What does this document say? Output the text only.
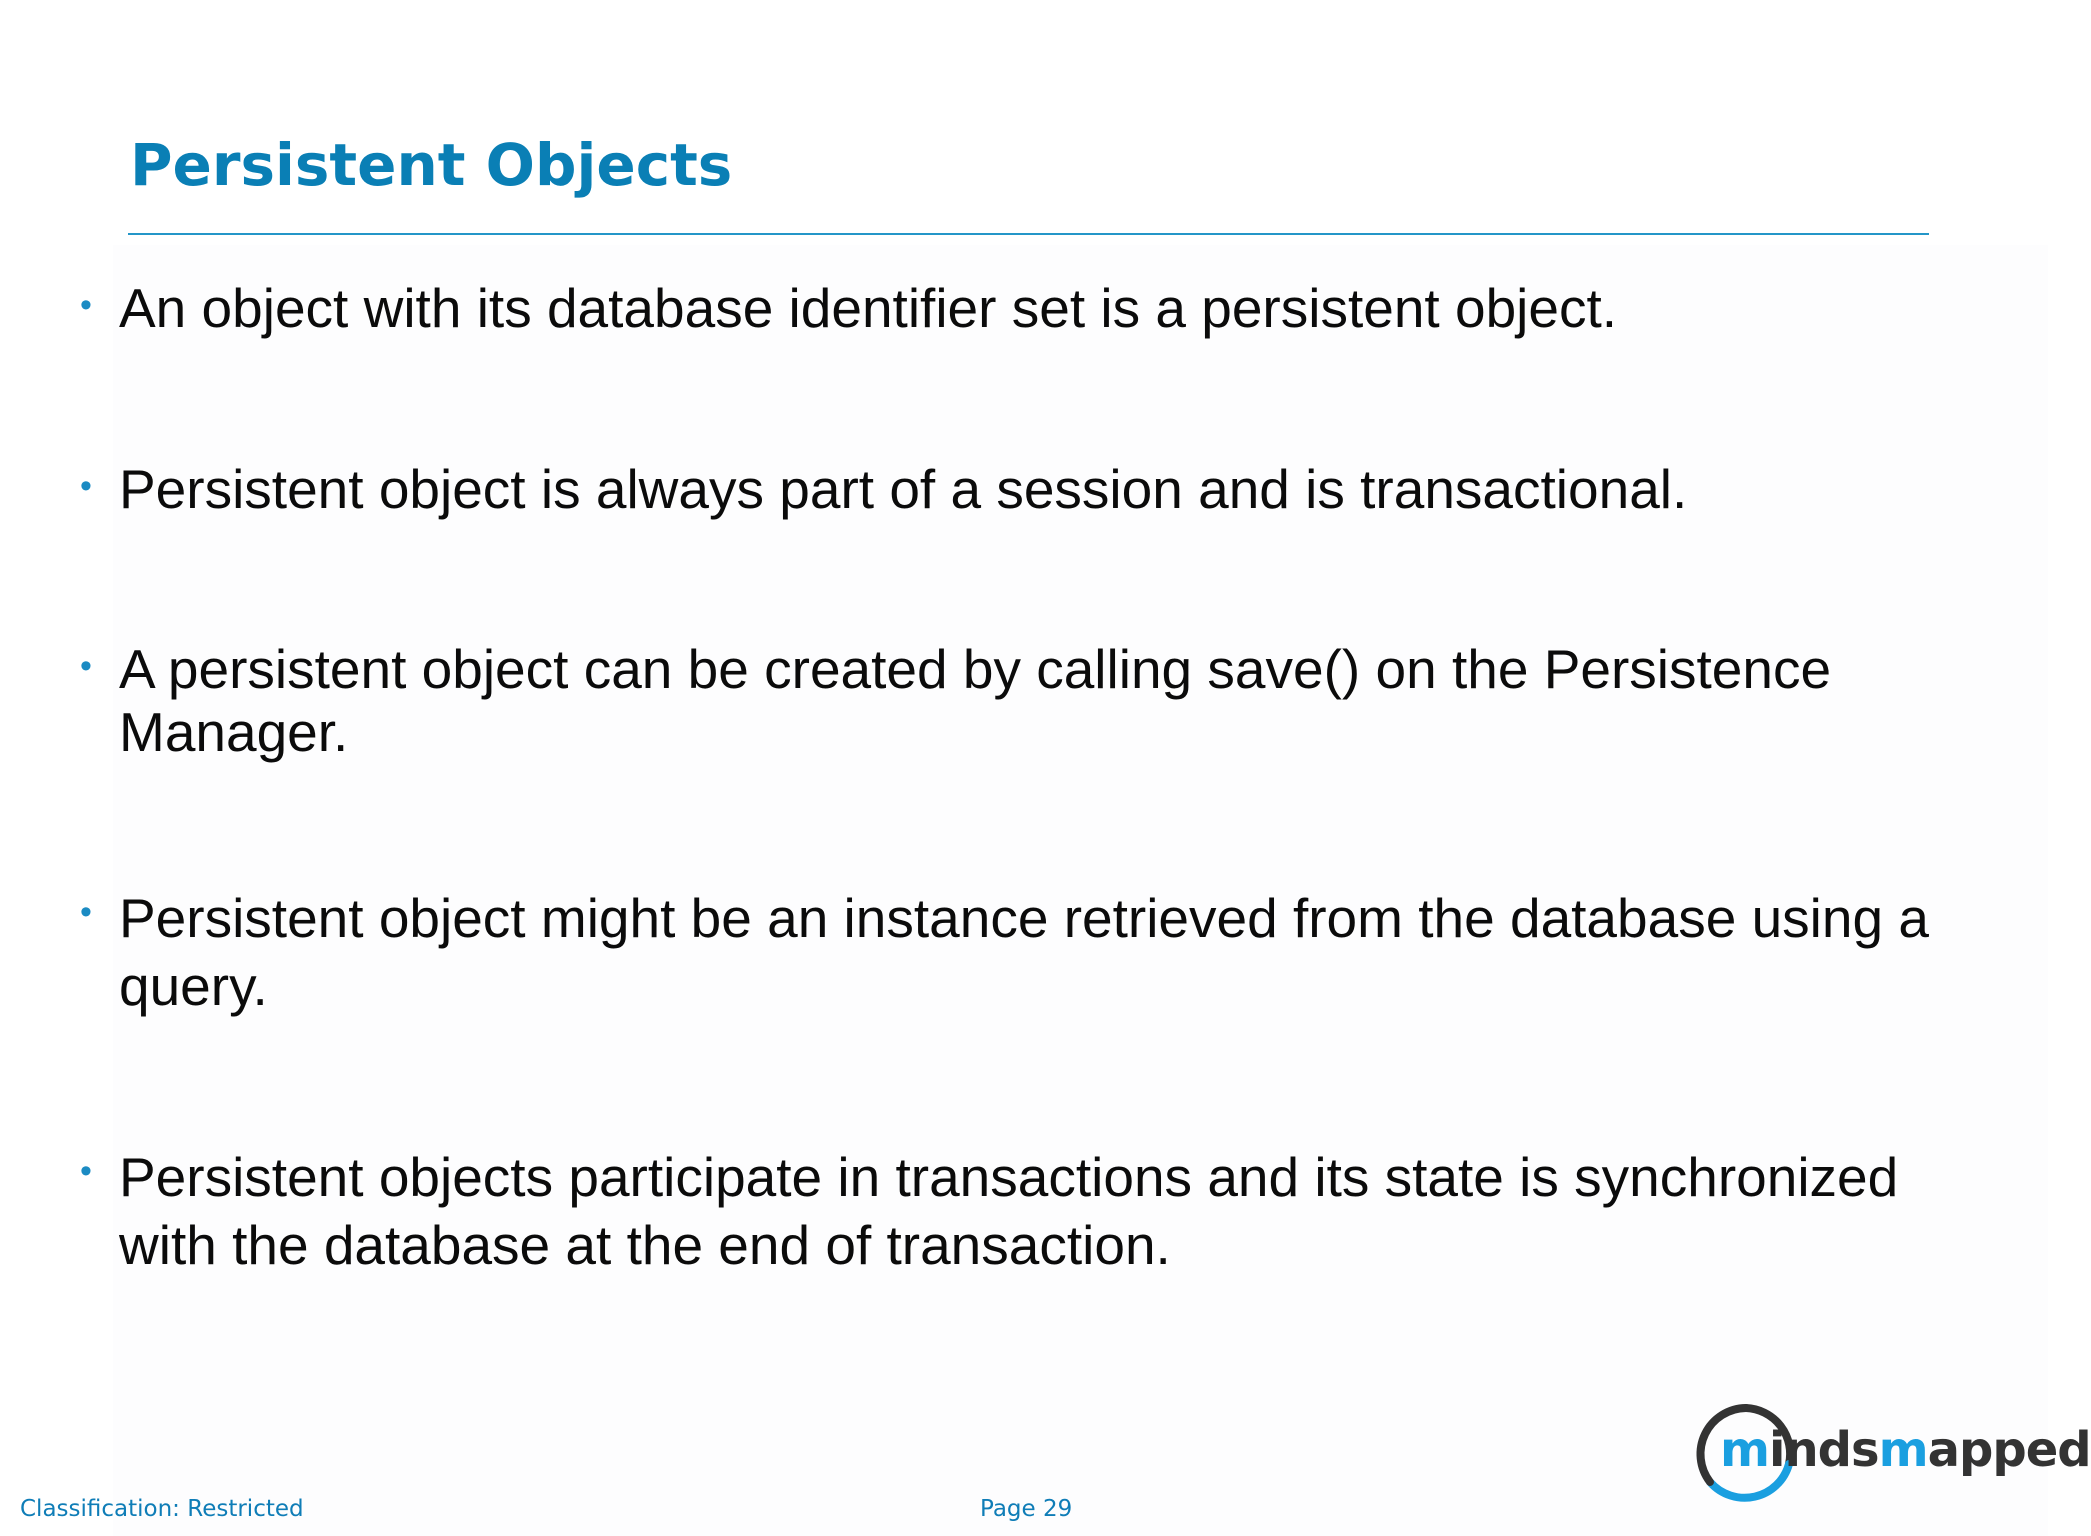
Persistent Objects
• An object with its database identifier set is a persistent object.
• Persistent object is always part of a session and is transactional.
• A persistent object can be created by calling save() on the Persistence Manager.
• Persistent object might be an instance retrieved from the database using a query.
• Persistent objects participate in transactions and its state is synchronized with the database at the end of transaction.

Classification: Restricted	Page 29

mindsmapped
